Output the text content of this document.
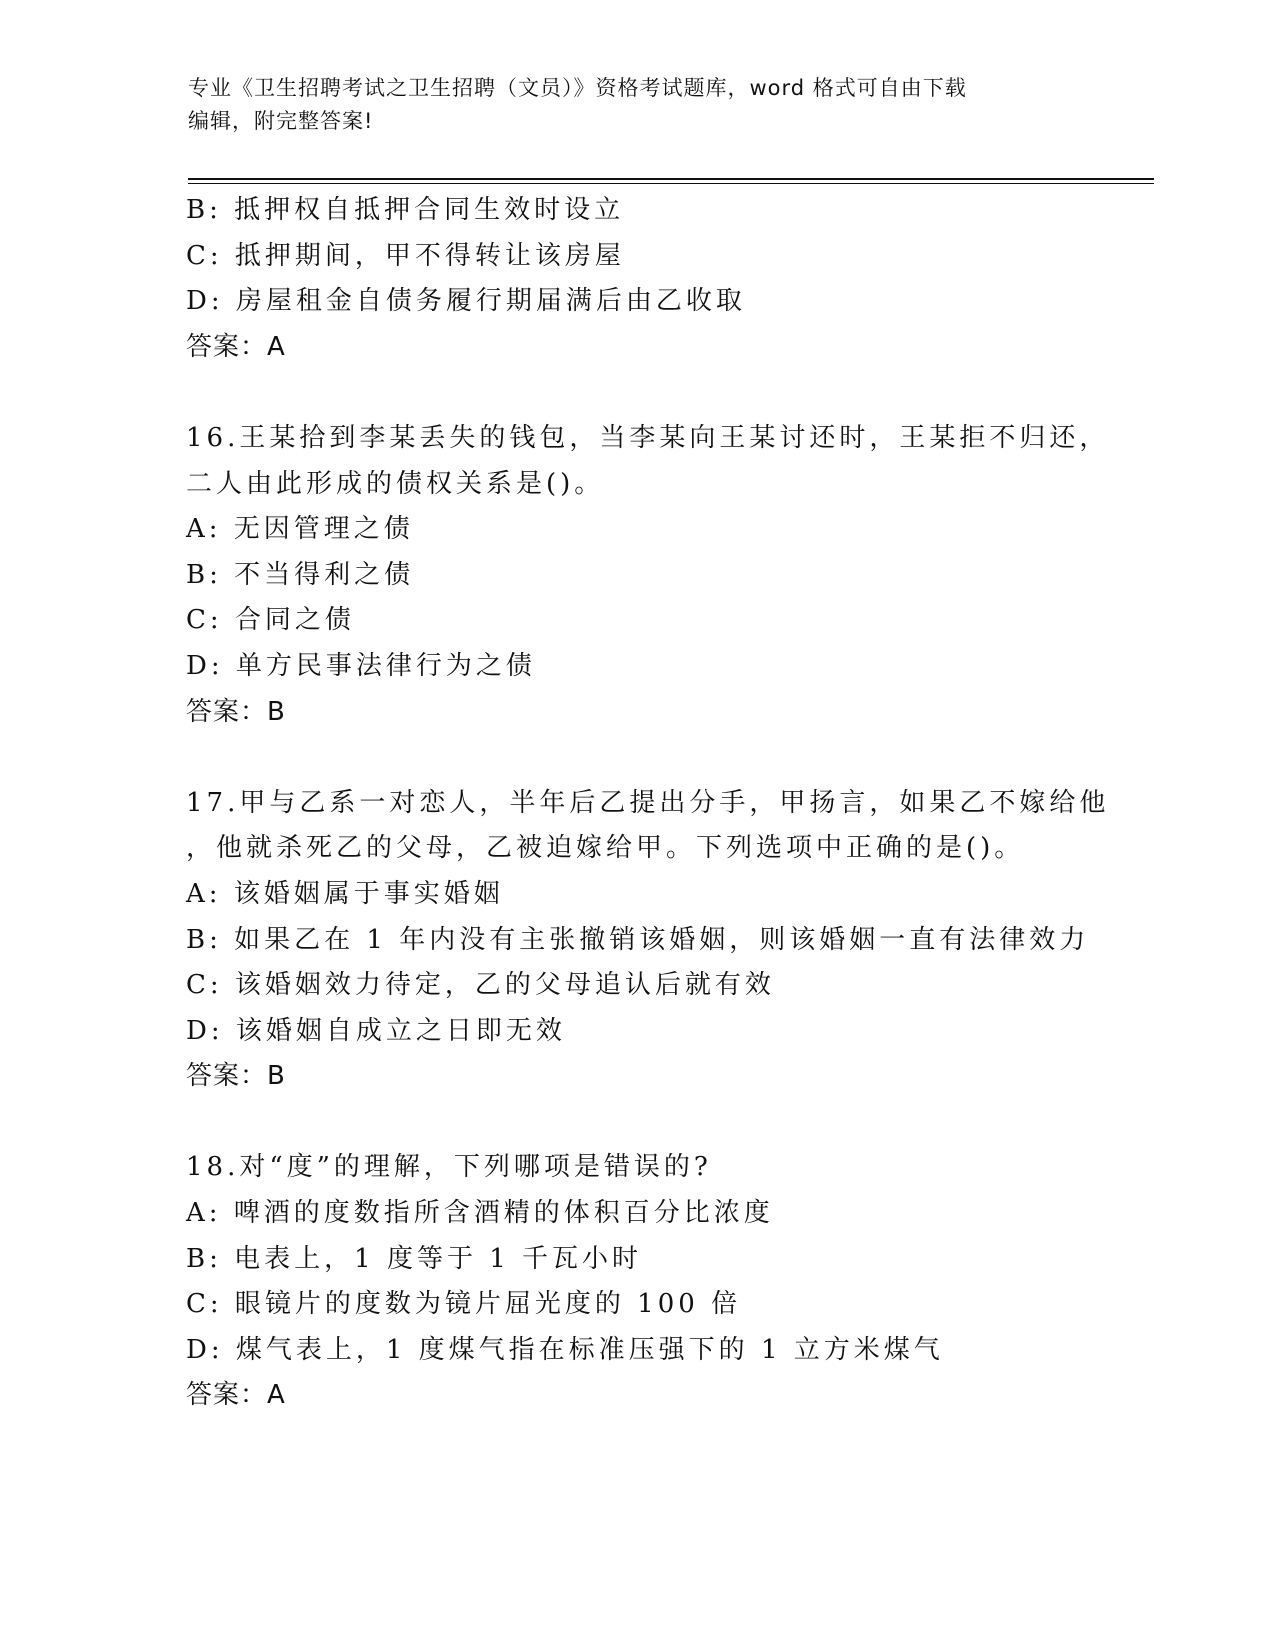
专业《卫生招聘考试之卫生招聘（文员）》资格考试题库，word 格式可自由下载
编辑，附完整答案!
B: 抵押权自抵押合同生效时设立
C: 抵押期间，甲不得转让该房屋
D: 房屋租金自债务履行期届满后由乙收取
答案：A
16.王某拾到李某丢失的钱包，当李某向王某讨还时，王某拒不归还，
二人由此形成的债权关系是()。
A: 无因管理之债
B: 不当得利之债
C: 合同之债
D: 单方民事法律行为之债
答案：B
17.甲与乙系一对恋人，半年后乙提出分手，甲扬言，如果乙不嫁给他
，他就杀死乙的父母，乙被迫嫁给甲。下列选项中正确的是()。
A: 该婚姻属于事实婚姻
B: 如果乙在 1 年内没有主张撤销该婚姻，则该婚姻一直有法律效力
C: 该婚姻效力待定，乙的父母追认后就有效
D: 该婚姻自成立之日即无效
答案：B
18.对“度”的理解，下列哪项是错误的?
A: 啤酒的度数指所含酒精的体积百分比浓度
B: 电表上，1 度等于 1 千瓦小时
C: 眼镜片的度数为镜片屈光度的 100 倍
D: 煤气表上，1 度煤气指在标准压强下的 1 立方米煤气
答案：A
